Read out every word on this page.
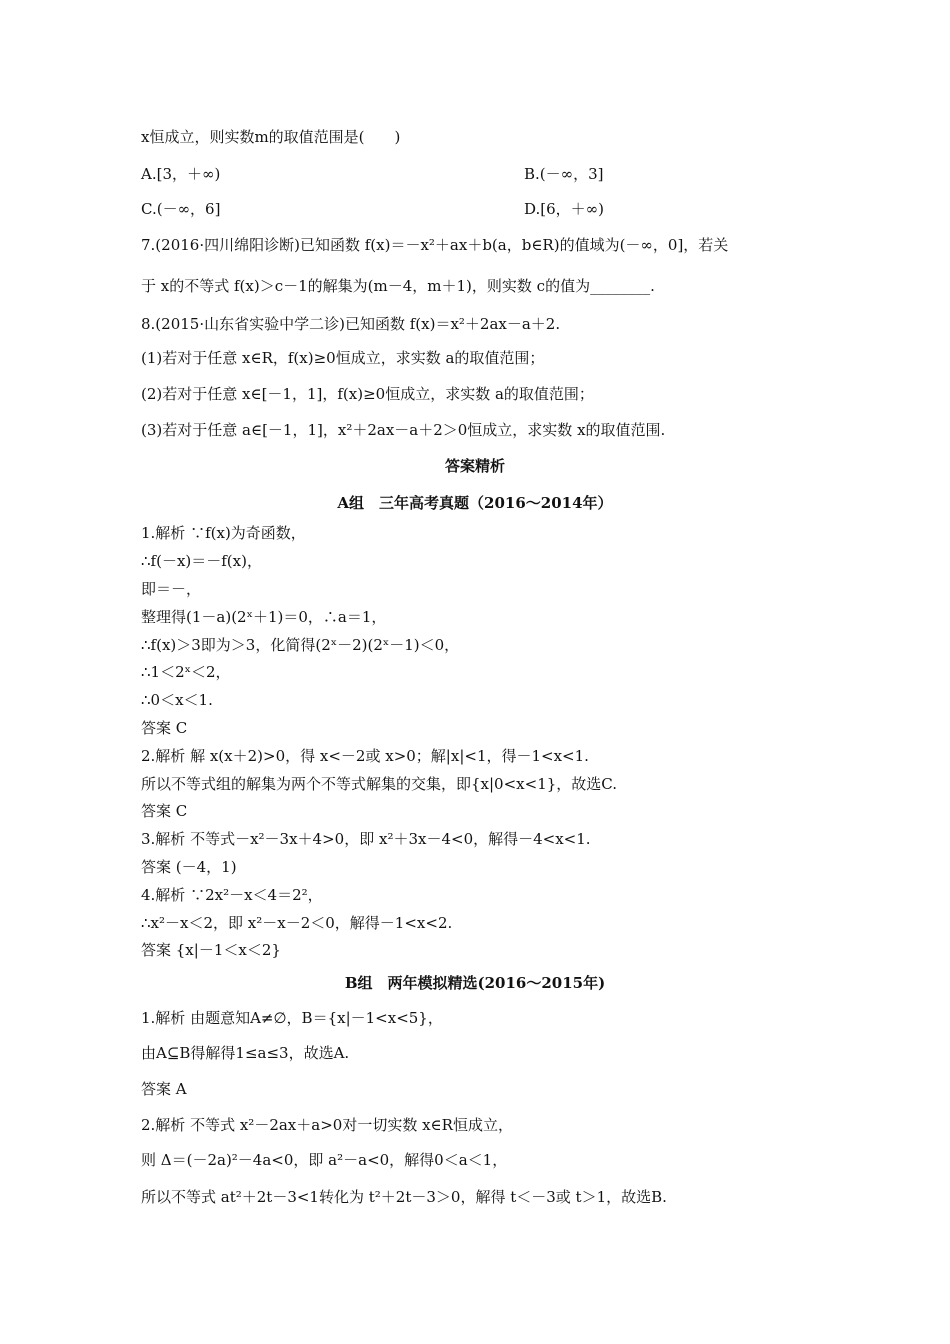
x恒成立，则实数m的取值范围是(　　)
A.[3，＋∞)	B.(－∞，3]
C.(－∞，6]	D.[6，＋∞)
7.(2016·四川绵阳诊断)已知函数 f(x)＝－x²＋ax＋b(a，b∈R)的值域为(－∞，0]，若关
于 x的不等式 f(x)＞c－1的解集为(m－4，m＋1)，则实数 c的值为________.
8.(2015·山东省实验中学二诊)已知函数 f(x)＝x²＋2ax－a＋2.
(1)若对于任意 x∈R，f(x)≥0恒成立，求实数 a的取值范围；
(2)若对于任意 x∈[－1，1]，f(x)≥0恒成立，求实数 a的取值范围；
(3)若对于任意 a∈[－1，1]，x²＋2ax－a＋2＞0恒成立，求实数 x的取值范围.
答案精析
A组　三年高考真题（2016～2014年）
1.解析 ∵f(x)为奇函数，
∴f(－x)＝－f(x)，
即＝－，
整理得(1－a)(2ˣ＋1)＝0，∴a＝1，
∴f(x)＞3即为＞3，化简得(2ˣ－2)(2ˣ－1)＜0，
∴1＜2ˣ＜2，
∴0＜x＜1.
答案 C
2.解析 解 x(x＋2)>0，得 x<－2或 x>0；解|x|<1，得－1<x<1.
所以不等式组的解集为两个不等式解集的交集，即{x|0<x<1}，故选C.
答案 C
3.解析 不等式－x²－3x＋4>0，即 x²＋3x－4<0，解得－4<x<1.
答案 (－4，1)
4.解析 ∵2x²－x＜4＝2²，
∴x²－x＜2，即 x²－x－2＜0，解得－1<x<2.
答案 {x|－1＜x＜2}
B组　两年模拟精选(2016～2015年)
1.解析 由题意知A≠∅，B＝{x|－1<x<5}，
由A⊆B得解得1≤a≤3，故选A.
答案 A
2.解析 不等式 x²－2ax＋a>0对一切实数 x∈R恒成立，
则 Δ＝(－2a)²－4a<0，即 a²－a<0，解得0＜a＜1，
所以不等式 at²＋2t－3<1转化为 t²＋2t－3＞0，解得 t＜－3或 t＞1，故选B.
